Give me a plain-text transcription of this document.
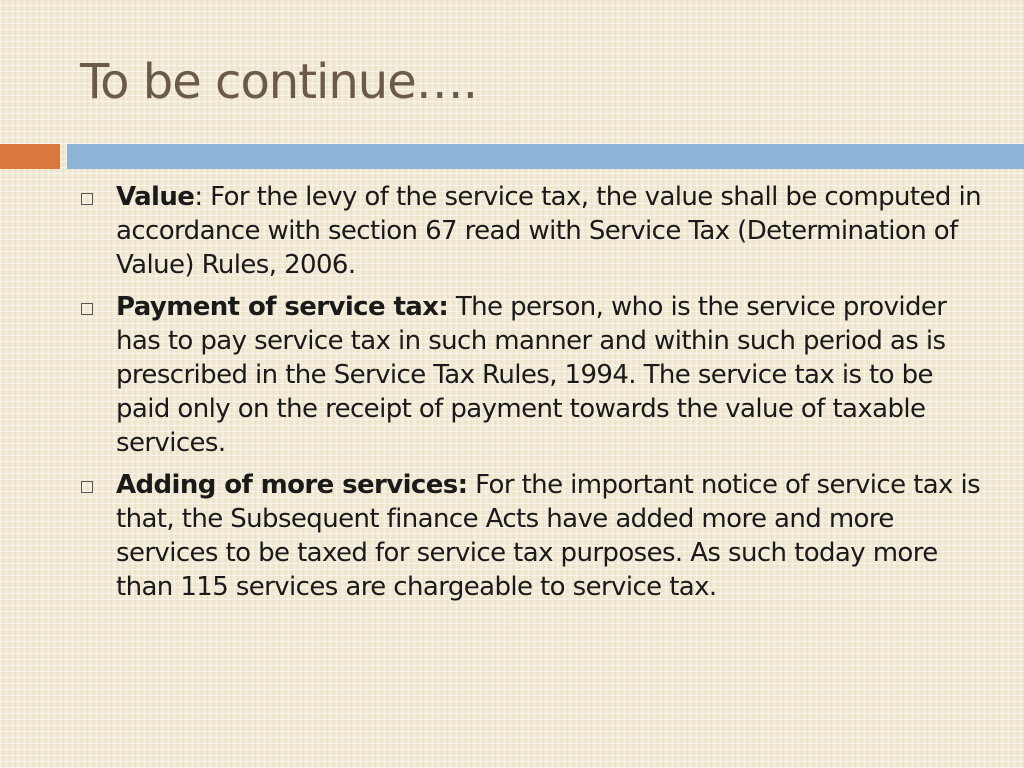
To be continue….
Value: For the levy of the service tax, the value shall be computed in accordance with section 67 read with Service Tax (Determination of Value) Rules, 2006.
Payment of service tax: The person, who is the service provider has to pay service tax in such manner and within such period as is prescribed in the Service Tax Rules, 1994. The service tax is to be paid only on the receipt of payment towards the value of taxable services.
Adding of more services: For the important notice of service tax is that, the Subsequent finance Acts have added more and more services to be taxed for service tax purposes. As such today more than 115 services are chargeable to service tax.
